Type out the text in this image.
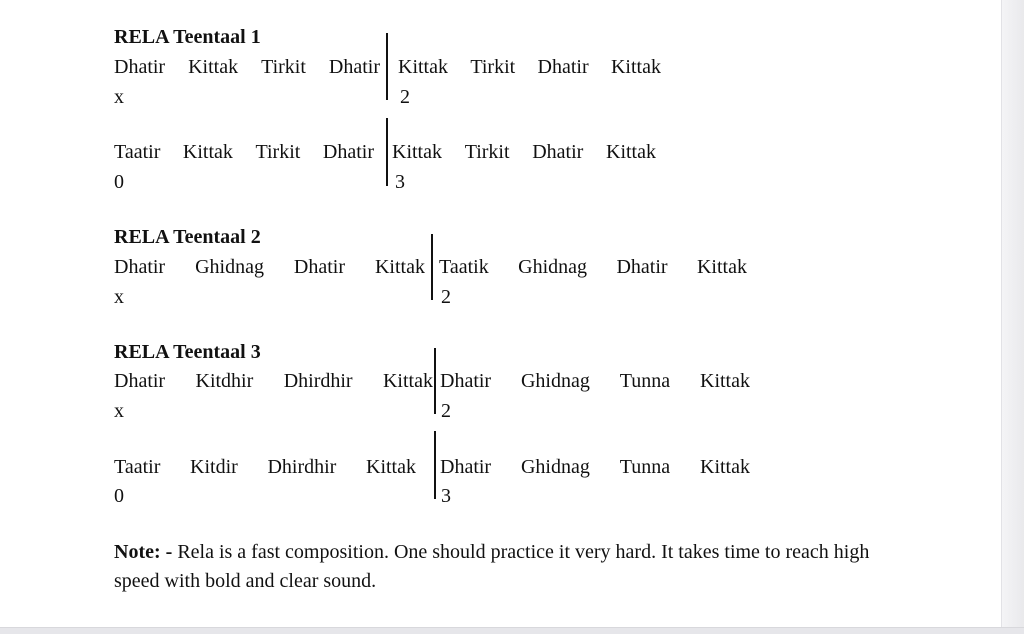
RELA Teentaal 1
Dhatir Kittak Tirkit Dhatir Kittak Tirkit Dhatir Kittak
x	2
Taatir Kittak Tirkit Dhatir Kittak Tirkit Dhatir Kittak
0	3
RELA Teentaal 2
Dhatir Ghidnag Dhatir Kittak Taatik Ghidnag Dhatir Kittak
x	2
RELA Teentaal 3
Dhatir Kitdhir Dhirdhir Kittak Dhatir Ghidnag Tunna Kittak
x	2
Taatir Kitdir Dhirdhir Kittak Dhatir Ghidnag Tunna Kittak
0	3
Note: - Rela is a fast composition. One should practice it very hard. It takes time to reach high speed with bold and clear sound.
